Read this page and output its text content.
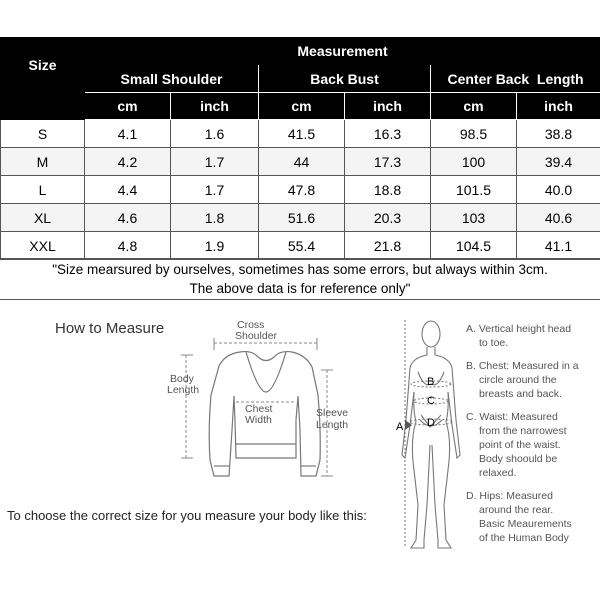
Size	Measurement					
	Small Shoulder		Back Bust		Center Back  Length	
	cm	inch	cm	inch	cm	inch
S	4.1	1.6	41.5	16.3	98.5	38.8
M	4.2	1.7	44	17.3	100	39.4
L	4.4	1.7	47.8	18.8	101.5	40.0
XL	4.6	1.8	51.6	20.3	103	40.6
XXL	4.8	1.9	55.4	21.8	104.5	41.1
"Size mearsured by ourselves, sometimes has some errors, but always within 3cm.
The above data is for reference only"
How to Measure	Cross
Shoulder
Body
Length
Chest
Width
Sleeve
Length	A
B
C
D
A. Vertical height head
to toe.
B. Chest: Measured in a
circle around the
breasts and back.
C. Waist: Measured
from the narrowest
point of the waist.
Body shoould be
relaxed.
D. Hips: Measured
around the rear.
Basic Meaurements
of the Human Body
To choose the correct size for you measure your body like this:
